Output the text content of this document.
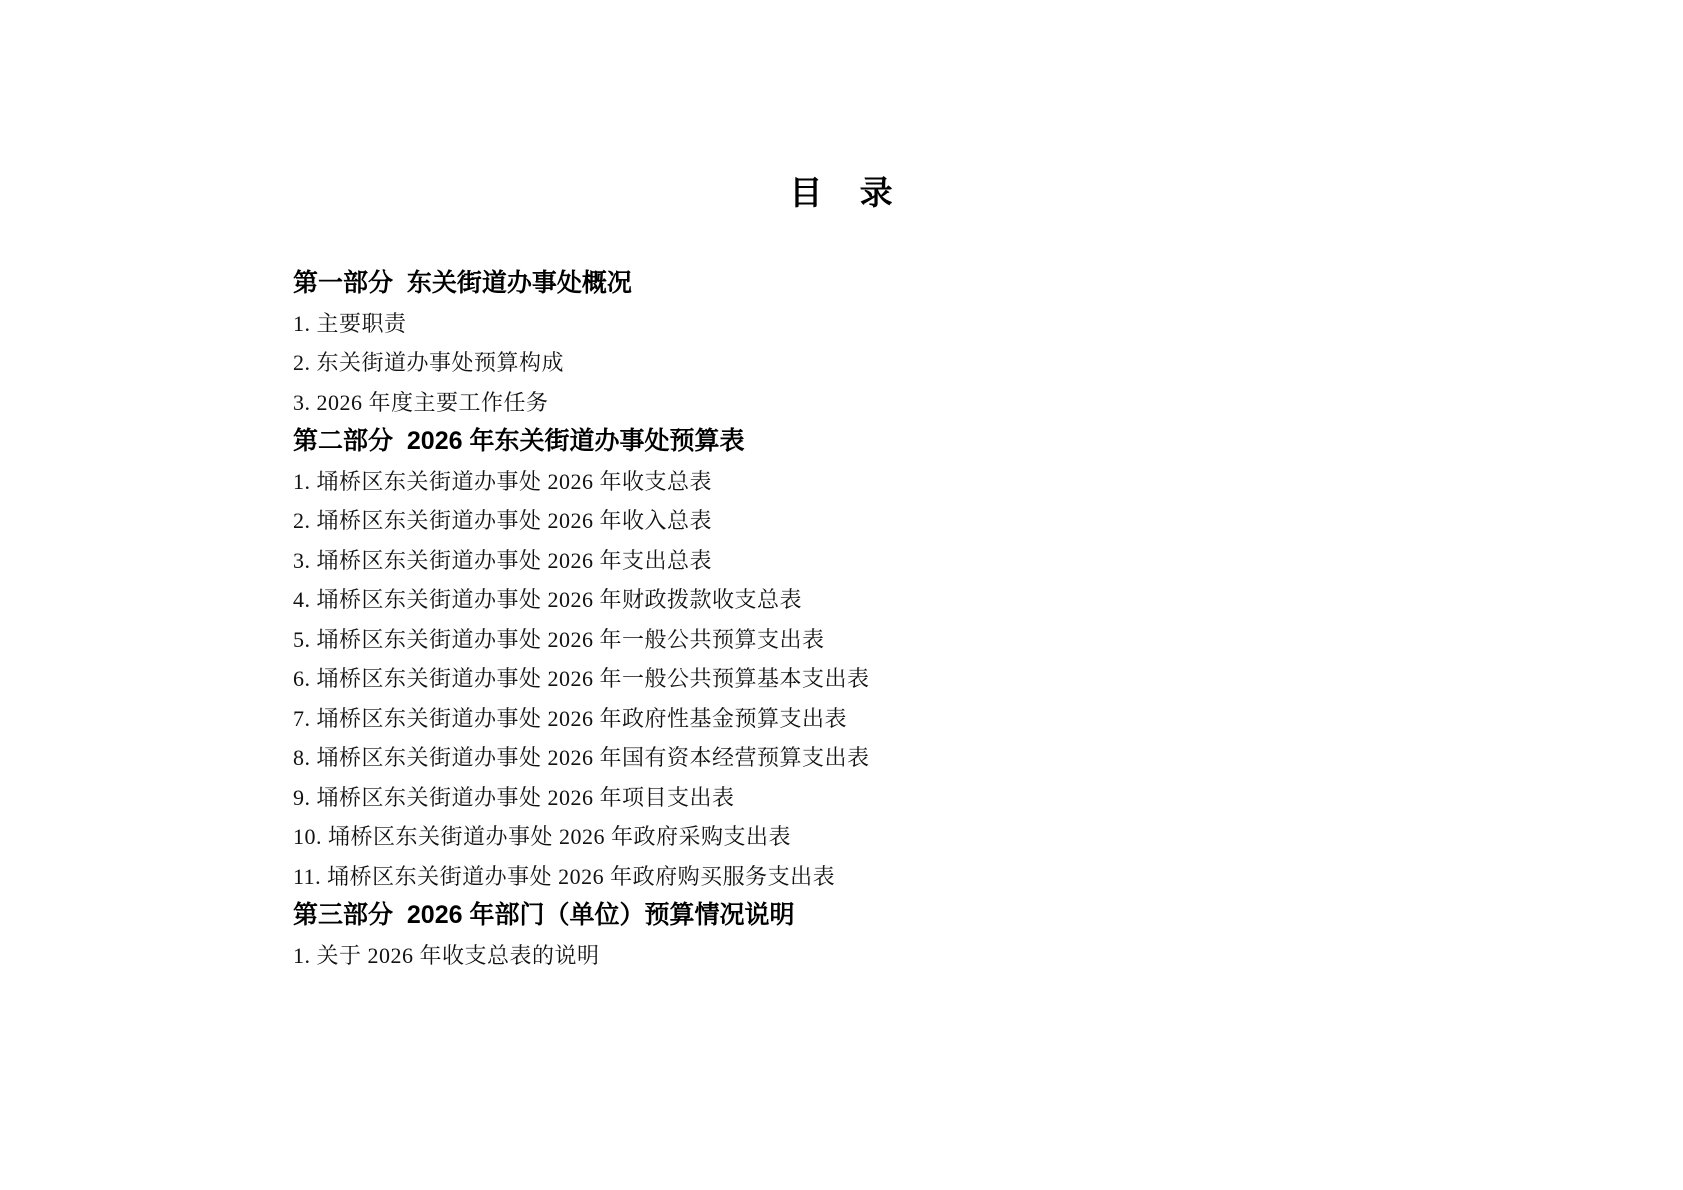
目 录
第一部分  东关街道办事处概况
1. 主要职责
2. 东关街道办事处预算构成
3. 2026 年度主要工作任务
第二部分  2026 年东关街道办事处预算表
1. 埇桥区东关街道办事处 2026 年收支总表
2. 埇桥区东关街道办事处 2026 年收入总表
3. 埇桥区东关街道办事处 2026 年支出总表
4. 埇桥区东关街道办事处 2026 年财政拨款收支总表
5. 埇桥区东关街道办事处 2026 年一般公共预算支出表
6. 埇桥区东关街道办事处 2026 年一般公共预算基本支出表
7. 埇桥区东关街道办事处 2026 年政府性基金预算支出表
8. 埇桥区东关街道办事处 2026 年国有资本经营预算支出表
9. 埇桥区东关街道办事处 2026 年项目支出表
10. 埇桥区东关街道办事处 2026 年政府采购支出表
11. 埇桥区东关街道办事处 2026 年政府购买服务支出表
第三部分  2026 年部门（单位）预算情况说明
1. 关于 2026 年收支总表的说明
